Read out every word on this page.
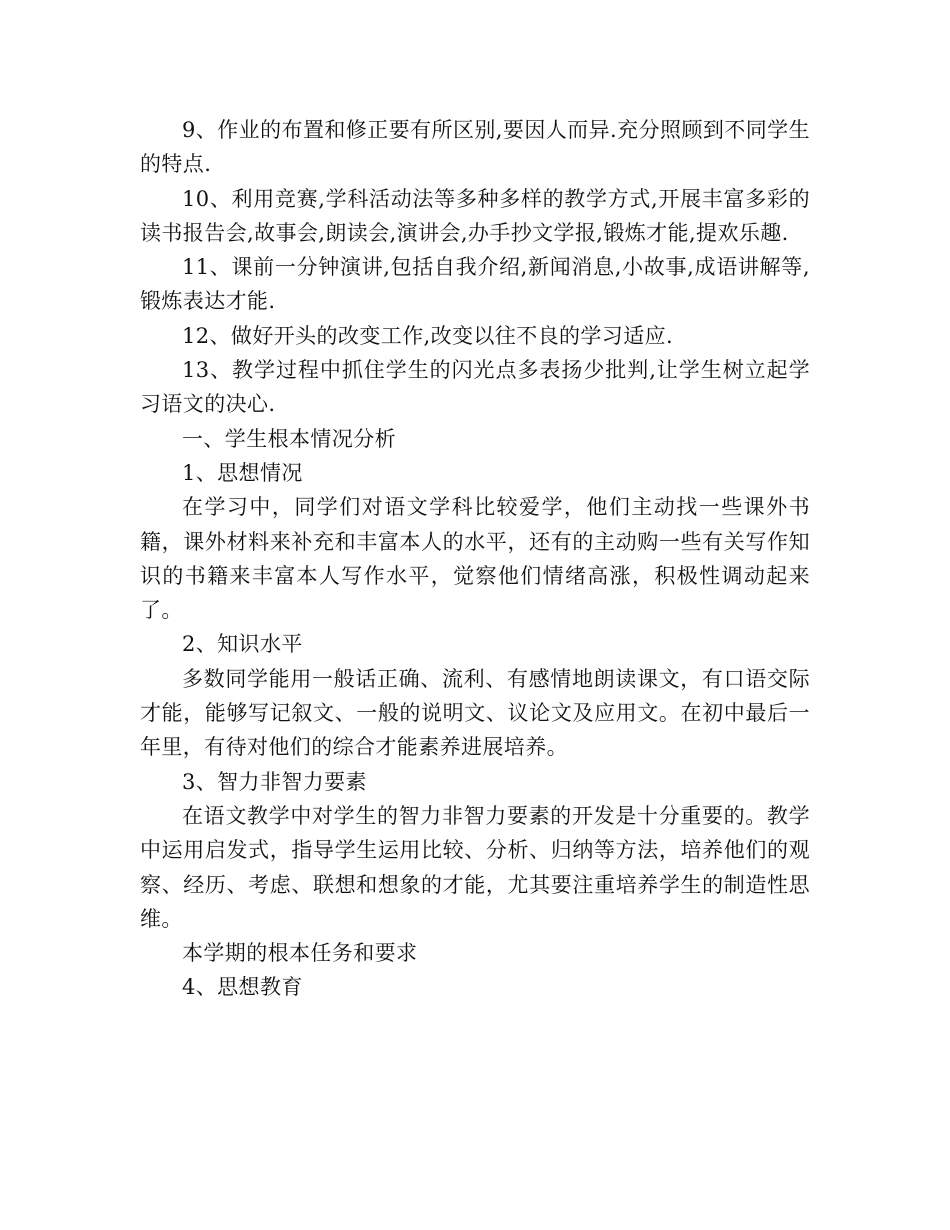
9、作业的布置和修正要有所区别,要因人而异.充分照顾到不同学生的特点.

10、利用竞赛,学科活动法等多种多样的教学方式,开展丰富多彩的读书报告会,故事会,朗读会,演讲会,办手抄文学报,锻炼才能,提欢乐趣.

11、课前一分钟演讲,包括自我介绍,新闻消息,小故事,成语讲解等,锻炼表达才能.

12、做好开头的改变工作,改变以往不良的学习适应.

13、教学过程中抓住学生的闪光点多表扬少批判,让学生树立起学习语文的决心.

一、学生根本情况分析

1、思想情况

在学习中，同学们对语文学科比较爱学，他们主动找一些课外书籍，课外材料来补充和丰富本人的水平，还有的主动购一些有关写作知识的书籍来丰富本人写作水平，觉察他们情绪高涨，积极性调动起来了。

2、知识水平

多数同学能用一般话正确、流利、有感情地朗读课文，有口语交际才能，能够写记叙文、一般的说明文、议论文及应用文。在初中最后一年里，有待对他们的综合才能素养进展培养。

3、智力非智力要素

在语文教学中对学生的智力非智力要素的开发是十分重要的。教学中运用启发式，指导学生运用比较、分析、归纳等方法，培养他们的观察、经历、考虑、联想和想象的才能，尤其要注重培养学生的制造性思维。

本学期的根本任务和要求

4、思想教育
